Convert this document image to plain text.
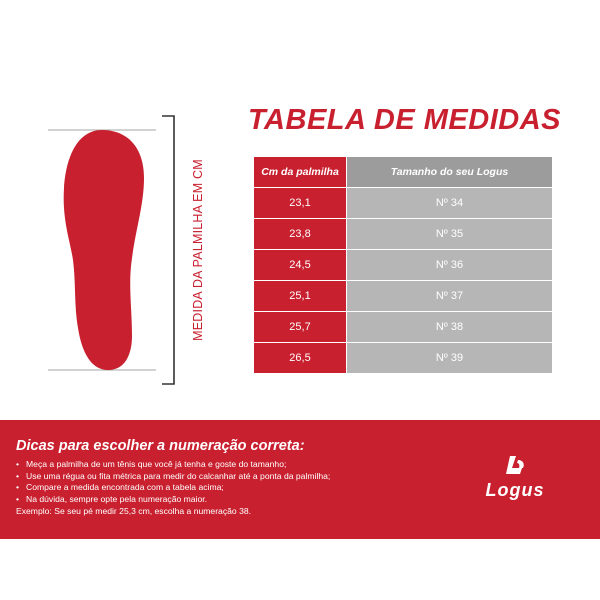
MEDIDA DA PALMILHA EM CM
TABELA DE MEDIDAS
Cm da palmilha	Tamanho do seu Logus
23,1	Nº 34
23,8	Nº 35
24,5	Nº 36
25,1	Nº 37
25,7	Nº 38
26,5	Nº 39
Dicas para escolher a numeração correta:
• Meça a palmilha de um tênis que você já tenha e goste do tamanho;
• Use uma régua ou fita métrica para medir do calcanhar até a ponta da palmilha;
• Compare a medida encontrada com a tabela acima;
• Na dúvida, sempre opte pela numeração maior.
Exemplo: Se seu pé medir 25,3 cm, escolha a numeração 38.
Logus
